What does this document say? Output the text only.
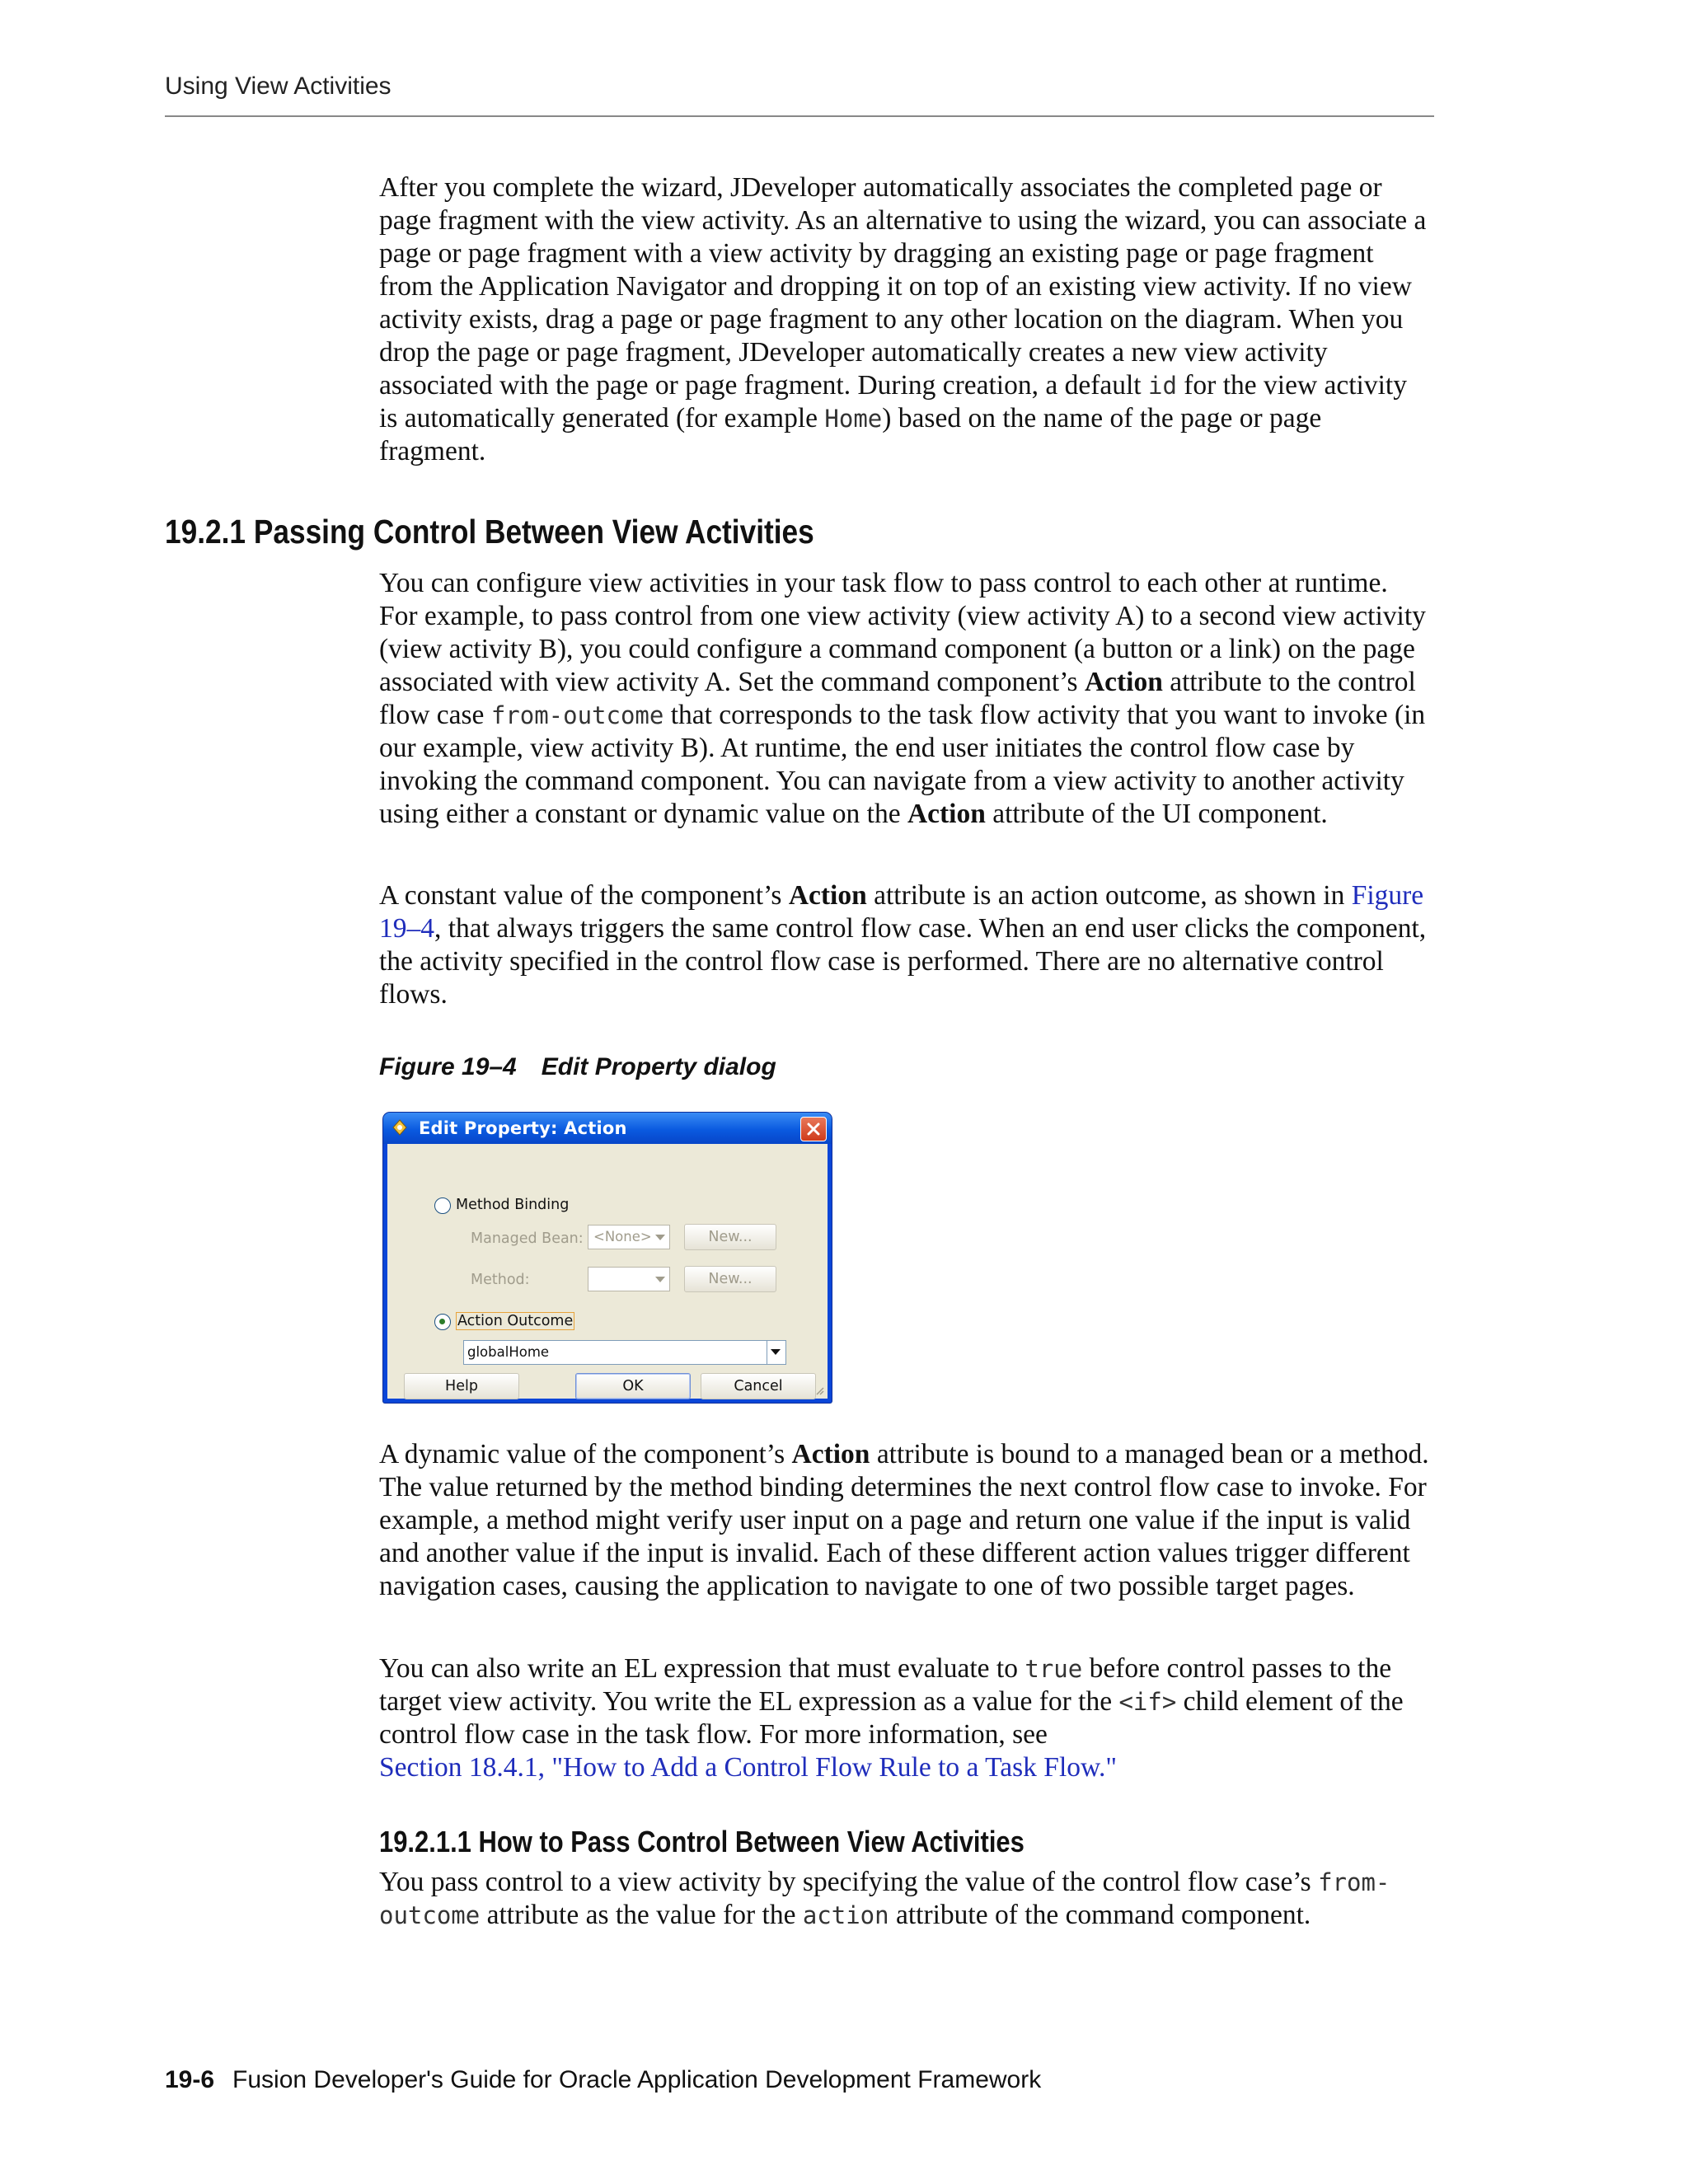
Using View Activities

After you complete the wizard, JDeveloper automatically associates the completed page or page fragment with the view activity. As an alternative to using the wizard, you can associate a page or page fragment with a view activity by dragging an existing page or page fragment from the Application Navigator and dropping it on top of an existing view activity. If no view activity exists, drag a page or page fragment to any other location on the diagram. When you drop the page or page fragment, JDeveloper automatically creates a new view activity associated with the page or page fragment. During creation, a default id for the view activity is automatically generated (for example Home) based on the name of the page or page fragment.

19.2.1 Passing Control Between View Activities

You can configure view activities in your task flow to pass control to each other at runtime. For example, to pass control from one view activity (view activity A) to a second view activity (view activity B), you could configure a command component (a button or a link) on the page associated with view activity A. Set the command component’s Action attribute to the control flow case from-outcome that corresponds to the task flow activity that you want to invoke (in our example, view activity B). At runtime, the end user initiates the control flow case by invoking the command component. You can navigate from a view activity to another activity using either a constant or dynamic value on the Action attribute of the UI component.

A constant value of the component’s Action attribute is an action outcome, as shown in Figure 19–4, that always triggers the same control flow case. When an end user clicks the component, the activity specified in the control flow case is performed. There are no alternative control flows.

Figure 19–4 Edit Property dialog
Edit Property: Action
Method Binding
Managed Bean: <None>	New...
Method:	New...
Action Outcome
globalHome
Help	OK	Cancel

A dynamic value of the component’s Action attribute is bound to a managed bean or a method. The value returned by the method binding determines the next control flow case to invoke. For example, a method might verify user input on a page and return one value if the input is valid and another value if the input is invalid. Each of these different action values trigger different navigation cases, causing the application to navigate to one of two possible target pages.

You can also write an EL expression that must evaluate to true before control passes to the target view activity. You write the EL expression as a value for the <if> child element of the control flow case in the task flow. For more information, see
Section 18.4.1, "How to Add a Control Flow Rule to a Task Flow."

19.2.1.1 How to Pass Control Between View Activities

You pass control to a view activity by specifying the value of the control flow case’s from-outcome attribute as the value for the action attribute of the command component.

19-6 Fusion Developer's Guide for Oracle Application Development Framework
